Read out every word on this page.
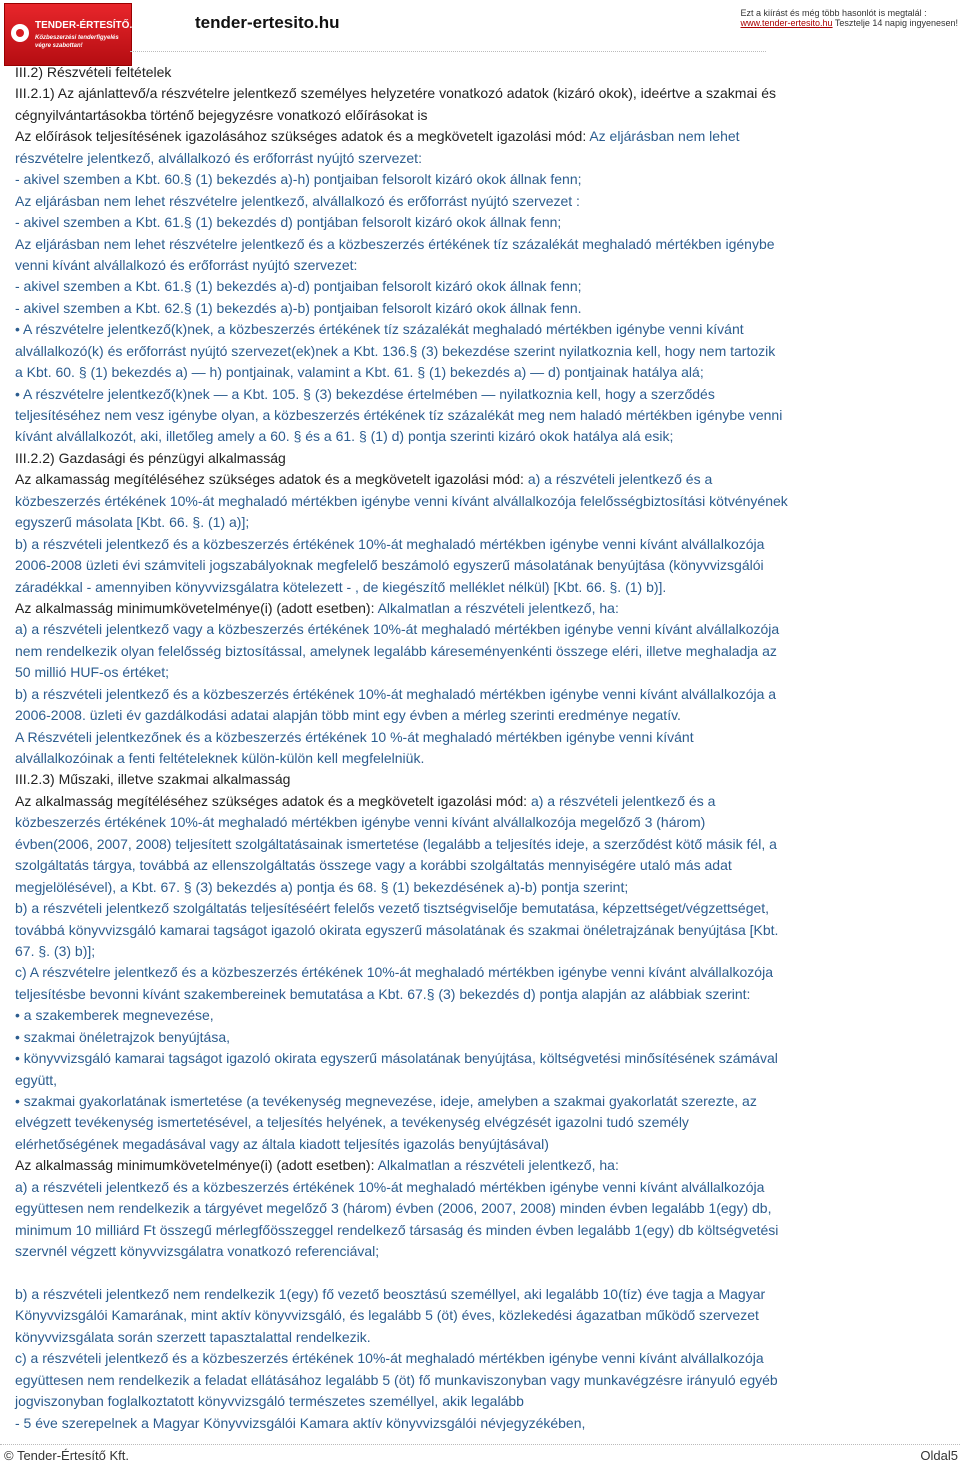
TENDER-ÉRTESÍTŐ.hu
Közbeszerzési tenderfigyelés végre szabottan!
tender-ertesito.hu	Ezt a kiírást és még több hasonlót is megtalál :
www.tender-ertesito.hu Tesztelje 14 napig ingyenesen!
III.2) Részvételi feltételek
III.2.1) Az ajánlattevő/a részvételre jelentkező személyes helyzetére vonatkozó adatok (kizáró okok), ideértve a szakmai és
cégnyilvántartásokba történő bejegyzésre vonatkozó előírásokat is
Az előírások teljesítésének igazolásához szükséges adatok és a megkövetelt igazolási mód: Az eljárásban nem lehet
részvételre jelentkező, alvállalkozó és erőforrást nyújtó szervezet:
- akivel szemben a Kbt. 60.§ (1) bekezdés a)-h) pontjaiban felsorolt kizáró okok állnak fenn;
Az eljárásban nem lehet részvételre jelentkező, alvállalkozó és erőforrást nyújtó szervezet :
- akivel szemben a Kbt. 61.§ (1) bekezdés d) pontjában felsorolt kizáró okok állnak fenn;
Az eljárásban nem lehet részvételre jelentkező és a közbeszerzés értékének tíz százalékát meghaladó mértékben igénybe
venni kívánt alvállalkozó és erőforrást nyújtó szervezet:
- akivel szemben a Kbt. 61.§ (1) bekezdés a)-d) pontjaiban felsorolt kizáró okok állnak fenn;
- akivel szemben a Kbt. 62.§ (1) bekezdés a)-b) pontjaiban felsorolt kizáró okok állnak fenn.
• A részvételre jelentkező(k)nek, a közbeszerzés értékének tíz százalékát meghaladó mértékben igénybe venni kívánt
alvállalkozó(k) és erőforrást nyújtó szervezet(ek)nek a Kbt. 136.§ (3) bekezdése szerint nyilatkoznia kell, hogy nem tartozik
a Kbt. 60. § (1) bekezdés a) — h) pontjainak, valamint a Kbt. 61. § (1) bekezdés a) — d) pontjainak hatálya alá;
• A részvételre jelentkező(k)nek — a Kbt. 105. § (3) bekezdése értelmében — nyilatkoznia kell, hogy a szerződés
teljesítéséhez nem vesz igénybe olyan, a közbeszerzés értékének tíz százalékát meg nem haladó mértékben igénybe venni
kívánt alvállalkozót, aki, illetőleg amely a 60. § és a 61. § (1) d) pontja szerinti kizáró okok hatálya alá esik;
III.2.2) Gazdasági és pénzügyi alkalmasság
Az alkamasság megítéléséhez szükséges adatok és a megkövetelt igazolási mód: a) a részvételi jelentkező és a
közbeszerzés értékének 10%-át meghaladó mértékben igénybe venni kívánt alvállalkozója felelősségbiztosítási kötvényének
egyszerű másolata [Kbt. 66. §. (1) a)];
b) a részvételi jelentkező és a közbeszerzés értékének 10%-át meghaladó mértékben igénybe venni kívánt alvállalkozója
2006-2008 üzleti évi számviteli jogszabályoknak megfelelő beszámoló egyszerű másolatának benyújtása (könyvvizsgálói
záradékkal - amennyiben könyvvizsgálatra kötelezett - , de kiegészítő melléklet nélkül) [Kbt. 66. §. (1) b)].
Az alkalmasság minimumkövetelménye(i) (adott esetben): Alkalmatlan a részvételi jelentkező, ha:
a) a részvételi jelentkező vagy a közbeszerzés értékének 10%-át meghaladó mértékben igénybe venni kívánt alvállalkozója
nem rendelkezik olyan felelősség biztosítással, amelynek legalább káreseményenkénti összege eléri, illetve meghaladja az
50 millió HUF-os értéket;
b) a részvételi jelentkező és a közbeszerzés értékének 10%-át meghaladó mértékben igénybe venni kívánt alvállalkozója a
2006-2008. üzleti év gazdálkodási adatai alapján több mint egy évben a mérleg szerinti eredménye negatív.
A Részvételi jelentkezőnek és a közbeszerzés értékének 10 %-át meghaladó mértékben igénybe venni kívánt
alvállalkozóinak a fenti feltételeknek külön-külön kell megfelelniük.
III.2.3) Műszaki, illetve szakmai alkalmasság
Az alkalmasság megítéléséhez szükséges adatok és a megkövetelt igazolási mód: a) a részvételi jelentkező és a
közbeszerzés értékének 10%-át meghaladó mértékben igénybe venni kívánt alvállalkozója megelőző 3 (három)
évben(2006, 2007, 2008) teljesített szolgáltatásainak ismertetése (legalább a teljesítés ideje, a szerződést kötő másik fél, a
szolgáltatás tárgya, továbbá az ellenszolgáltatás összege vagy a korábbi szolgáltatás mennyiségére utaló más adat
megjelölésével), a Kbt. 67. § (3) bekezdés a) pontja és 68. § (1) bekezdésének a)-b) pontja szerint;
b) a részvételi jelentkező szolgáltatás teljesítéséért felelős vezető tisztségviselője bemutatása, képzettséget/végzettséget,
továbbá könyvvizsgáló kamarai tagságot igazoló okirata egyszerű másolatának és szakmai önéletrajzának benyújtása [Kbt.
67. §. (3) b)];
c) A részvételre jelentkező és a közbeszerzés értékének 10%-át meghaladó mértékben igénybe venni kívánt alvállalkozója
teljesítésbe bevonni kívánt szakembereinek bemutatása a Kbt. 67.§ (3) bekezdés d) pontja alapján az alábbiak szerint:
• a szakemberek megnevezése,
• szakmai önéletrajzok benyújtása,
• könyvvizsgáló kamarai tagságot igazoló okirata egyszerű másolatának benyújtása, költségvetési minősítésének számával
együtt,
• szakmai gyakorlatának ismertetése (a tevékenység megnevezése, ideje, amelyben a szakmai gyakorlatát szerezte, az
elvégzett tevékenység ismertetésével, a teljesítés helyének, a tevékenység elvégzését igazolni tudó személy
elérhetőségének megadásával vagy az általa kiadott teljesítés igazolás benyújtásával)
Az alkalmasság minimumkövetelménye(i) (adott esetben): Alkalmatlan a részvételi jelentkező, ha:
a) a részvételi jelentkező és a közbeszerzés értékének 10%-át meghaladó mértékben igénybe venni kívánt alvállalkozója
együttesen nem rendelkezik a tárgyévet megelőző 3 (három) évben (2006, 2007, 2008) minden évben legalább 1(egy) db,
minimum 10 milliárd Ft összegű mérlegfőösszeggel rendelkező társaság és minden évben legalább 1(egy) db költségvetési
szervnél végzett könyvvizsgálatra vonatkozó referenciával;
b) a részvételi jelentkező nem rendelkezik 1(egy) fő vezető beosztású személlyel, aki legalább 10(tíz) éve tagja a Magyar
Könyvvizsgálói Kamarának, mint aktív könyvvizsgáló, és legalább 5 (öt) éves, közlekedési ágazatban működő szervezet
könyvvizsgálata során szerzett tapasztalattal rendelkezik.
c) a részvételi jelentkező és a közbeszerzés értékének 10%-át meghaladó mértékben igénybe venni kívánt alvállalkozója
együttesen nem rendelkezik a feladat ellátásához legalább 5 (öt) fő munkaviszonyban vagy munkavégzésre irányuló egyéb
jogviszonyban foglalkoztatott könyvvizsgáló természetes személlyel, akik legalább
- 5 éve szerepelnek a Magyar Könyvvizsgálói Kamara aktív könyvvizsgálói névjegyzékében,
© Tender-Értesítő Kft.	Oldal5
